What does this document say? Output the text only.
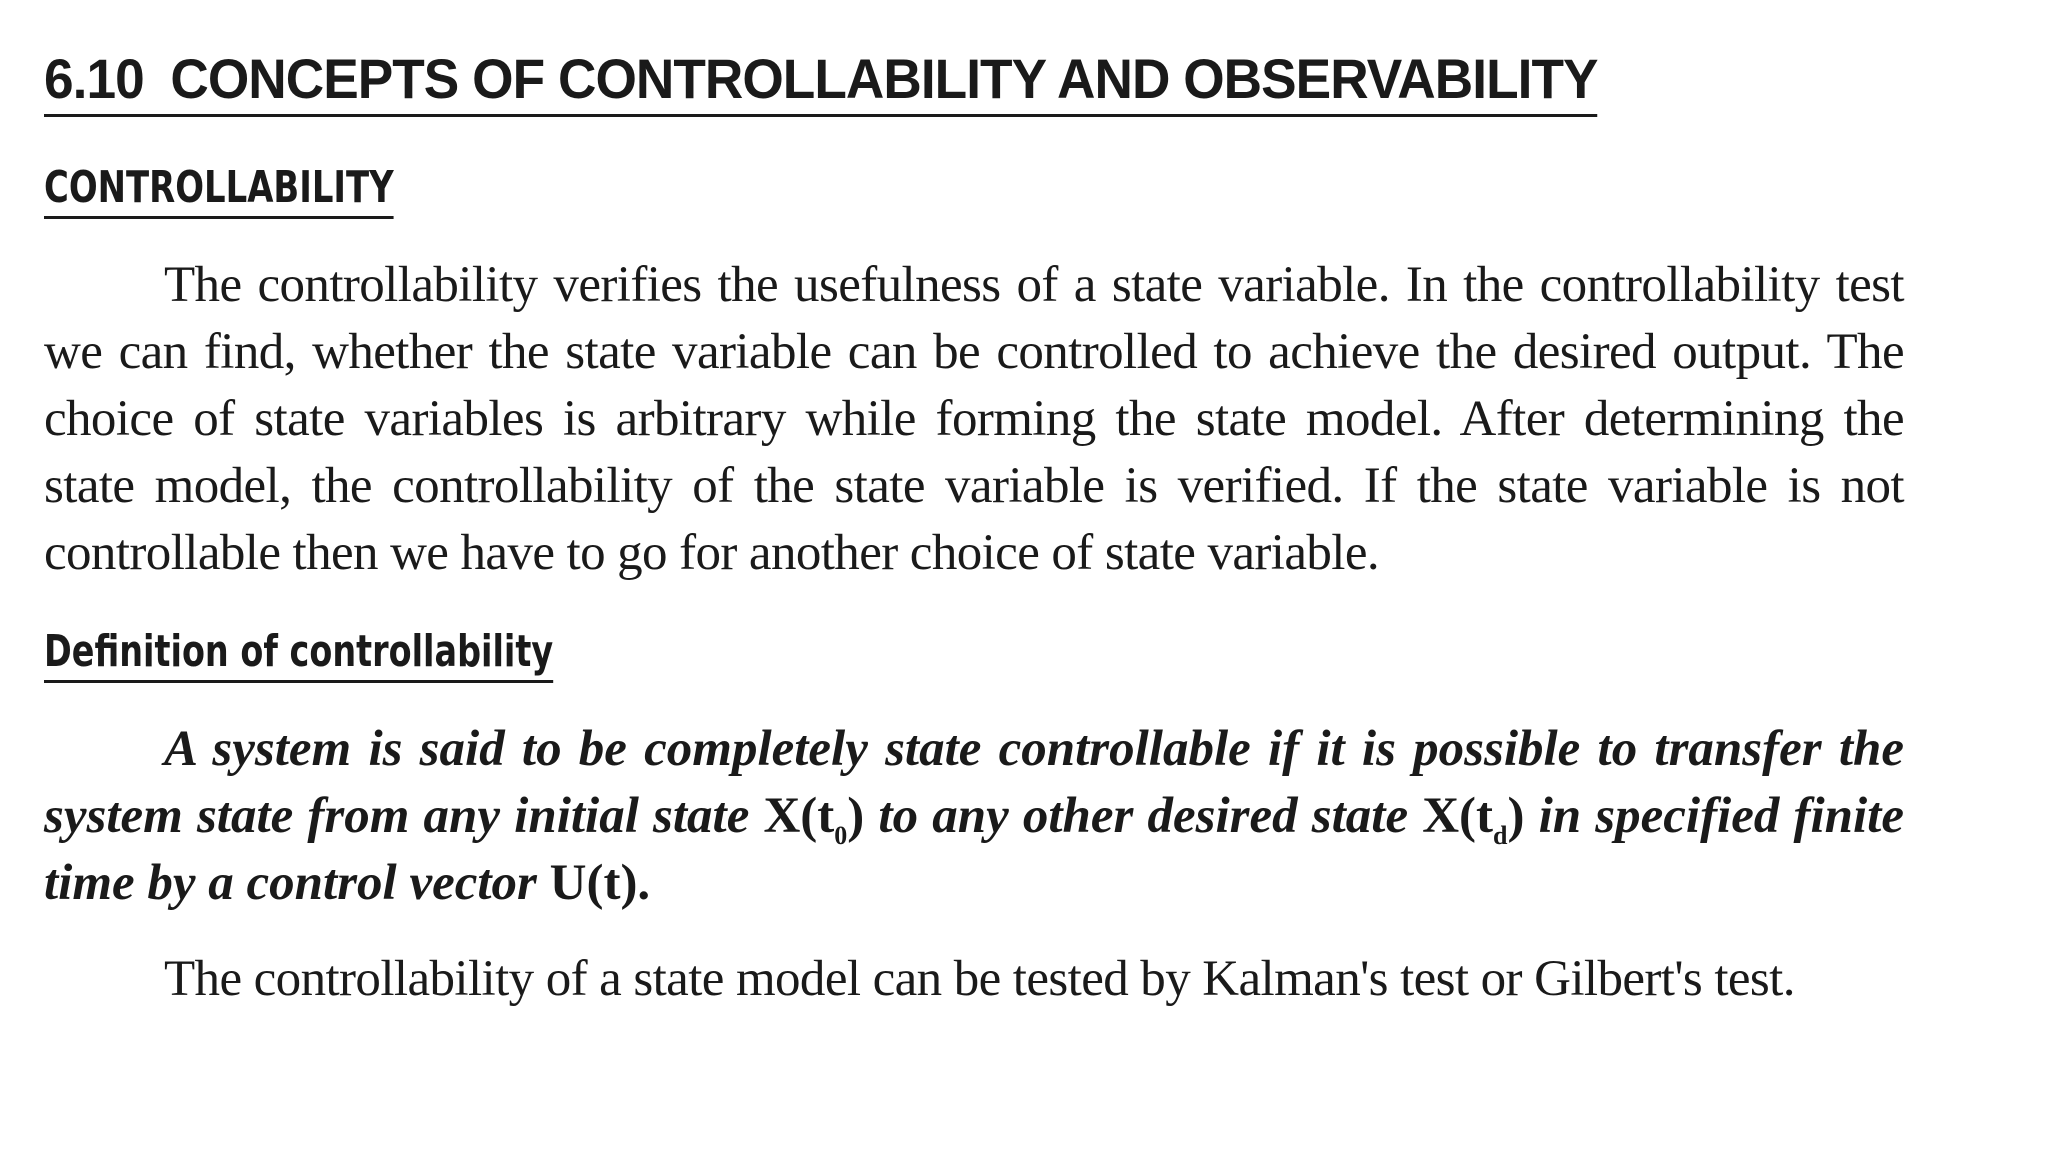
6.10 CONCEPTS OF CONTROLLABILITY AND OBSERVABILITY
CONTROLLABILITY

The controllability verifies the usefulness of a state variable. In the controllability test we can find, whether the state variable can be controlled to achieve the desired output. The choice of state variables is arbitrary while forming the state model. After determining the state model, the controllability of the state variable is verified. If the state variable is not controllable then we have to go for another choice of state variable.

Definition of controllability

A system is said to be completely state controllable if it is possible to transfer the system state from any initial state $X(t_0)$ to any other desired state $X(t_d)$ in specified finite time by a control vector U(t).

The controllability of a state model can be tested by Kalman's test or Gilbert's test.
